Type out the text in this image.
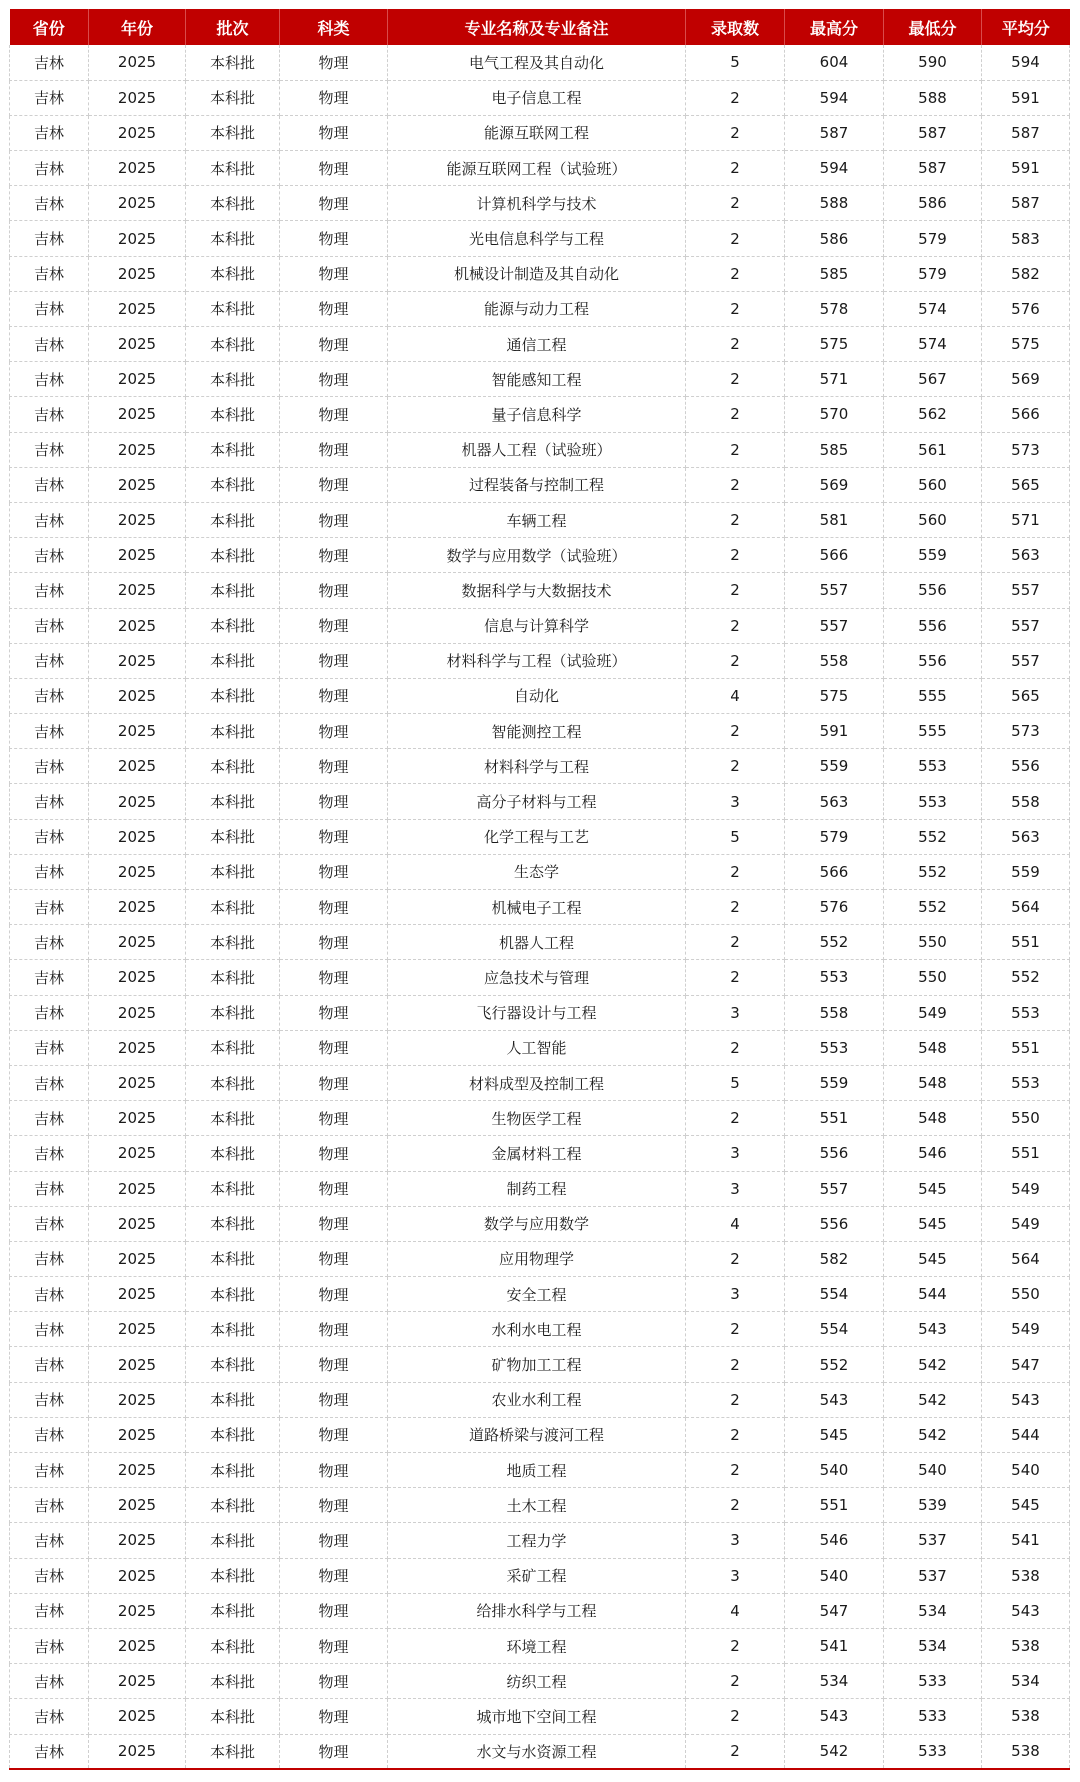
省份	年份	批次	科类	专业名称及专业备注	录取数	最高分	最低分	平均分
吉林	2025	本科批	物理	电气工程及其自动化	5	604	590	594
吉林	2025	本科批	物理	电子信息工程	2	594	588	591
吉林	2025	本科批	物理	能源互联网工程	2	587	587	587
吉林	2025	本科批	物理	能源互联网工程（试验班）	2	594	587	591
吉林	2025	本科批	物理	计算机科学与技术	2	588	586	587
吉林	2025	本科批	物理	光电信息科学与工程	2	586	579	583
吉林	2025	本科批	物理	机械设计制造及其自动化	2	585	579	582
吉林	2025	本科批	物理	能源与动力工程	2	578	574	576
吉林	2025	本科批	物理	通信工程	2	575	574	575
吉林	2025	本科批	物理	智能感知工程	2	571	567	569
吉林	2025	本科批	物理	量子信息科学	2	570	562	566
吉林	2025	本科批	物理	机器人工程（试验班）	2	585	561	573
吉林	2025	本科批	物理	过程装备与控制工程	2	569	560	565
吉林	2025	本科批	物理	车辆工程	2	581	560	571
吉林	2025	本科批	物理	数学与应用数学（试验班）	2	566	559	563
吉林	2025	本科批	物理	数据科学与大数据技术	2	557	556	557
吉林	2025	本科批	物理	信息与计算科学	2	557	556	557
吉林	2025	本科批	物理	材料科学与工程（试验班）	2	558	556	557
吉林	2025	本科批	物理	自动化	4	575	555	565
吉林	2025	本科批	物理	智能测控工程	2	591	555	573
吉林	2025	本科批	物理	材料科学与工程	2	559	553	556
吉林	2025	本科批	物理	高分子材料与工程	3	563	553	558
吉林	2025	本科批	物理	化学工程与工艺	5	579	552	563
吉林	2025	本科批	物理	生态学	2	566	552	559
吉林	2025	本科批	物理	机械电子工程	2	576	552	564
吉林	2025	本科批	物理	机器人工程	2	552	550	551
吉林	2025	本科批	物理	应急技术与管理	2	553	550	552
吉林	2025	本科批	物理	飞行器设计与工程	3	558	549	553
吉林	2025	本科批	物理	人工智能	2	553	548	551
吉林	2025	本科批	物理	材料成型及控制工程	5	559	548	553
吉林	2025	本科批	物理	生物医学工程	2	551	548	550
吉林	2025	本科批	物理	金属材料工程	3	556	546	551
吉林	2025	本科批	物理	制药工程	3	557	545	549
吉林	2025	本科批	物理	数学与应用数学	4	556	545	549
吉林	2025	本科批	物理	应用物理学	2	582	545	564
吉林	2025	本科批	物理	安全工程	3	554	544	550
吉林	2025	本科批	物理	水利水电工程	2	554	543	549
吉林	2025	本科批	物理	矿物加工工程	2	552	542	547
吉林	2025	本科批	物理	农业水利工程	2	543	542	543
吉林	2025	本科批	物理	道路桥梁与渡河工程	2	545	542	544
吉林	2025	本科批	物理	地质工程	2	540	540	540
吉林	2025	本科批	物理	土木工程	2	551	539	545
吉林	2025	本科批	物理	工程力学	3	546	537	541
吉林	2025	本科批	物理	采矿工程	3	540	537	538
吉林	2025	本科批	物理	给排水科学与工程	4	547	534	543
吉林	2025	本科批	物理	环境工程	2	541	534	538
吉林	2025	本科批	物理	纺织工程	2	534	533	534
吉林	2025	本科批	物理	城市地下空间工程	2	543	533	538
吉林	2025	本科批	物理	水文与水资源工程	2	542	533	538
